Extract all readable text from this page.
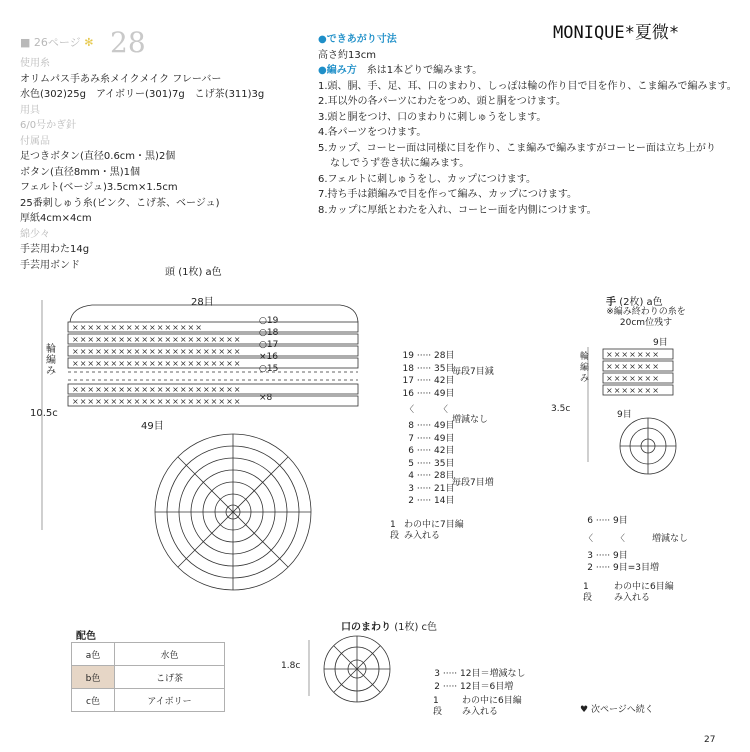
■ 26ページ ✻ 28	MONIQUE*夏微*
使用糸
オリムパス手あみ糸メイクメイク フレーバー
水色(302)25g　アイボリー(301)7g　こげ茶(311)3g
用具
6/0号かぎ針
付属品
足つきボタン(直径0.6cm・黒)2個
ボタン(直径8mm・黒)1個
フェルト(ベージュ)3.5cm×1.5cm
25番刺しゅう糸(ピンク、こげ茶、ベージュ)
厚紙4cm×4cm
綿少々
手芸用わた14g
手芸用ボンド
●できあがり寸法
高さ約13cm
●編み方　 糸は1本どりで編みます。
1.頭、胴、手、足、耳、口のまわり、しっぽは輪の作り目で目を作り、こま編みで編みます。
2.耳以外の各パーツにわたをつめ、頭と胴をつけます。
3.頭と胴をつけ、口のまわりに刺しゅうをします。
4.各パーツをつけます。
5.カップ、コーヒー面は同様に目を作り、こま編みで編みますがコーヒー面は立ち上がり
なしでうず巻き状に編みます。
6.フェルトに刺しゅうをし、カップにつけます。
7.持ち手は鎖編みで目を作って編み、カップにつけます。
8.カップに厚紙とわたを入れ、コーヒー面を内側につけます。
頭 (1枚) a色
28目
49目
輪編み
10.5c
×××××××××××××××××
××××××××××××××××××××××
××××××××××××××××××××××
××××××××××××××××××××××
××××××××××××××××××××××
××××××××××××××××××××××
×××××××
×××××××
×××××××
×××××××
○19
○18
○17
×16
○15
×8
19 ····· 28目
18 ····· 35目
17 ····· 42目
16 ····· 49目
〈	〈
8 ····· 49目
7 ····· 49目
6 ····· 42目
5 ····· 35目
4 ····· 28目
3 ····· 21目
2 ····· 14目
毎段7目減
増減なし
毎段7目増
1段
わの中に7目編み入れる
手 (2枚) a色
※編み終わりの糸を20cm位残す
9目
9目
輪編み
3.5c
6 ····· 9目
〈	〈
3 ····· 9目
2 ····· 9目=3目増
増減なし
1段
わの中に6目編み入れる
配色
a色	水色
b色	こげ茶
c色	アイボリー
口のまわり (1枚) c色
1.8c
3 ····· 12目＝増減なし
2 ····· 12目＝6目増
1段
わの中に6目編み入れる	♥ 次ページへ続く
27
